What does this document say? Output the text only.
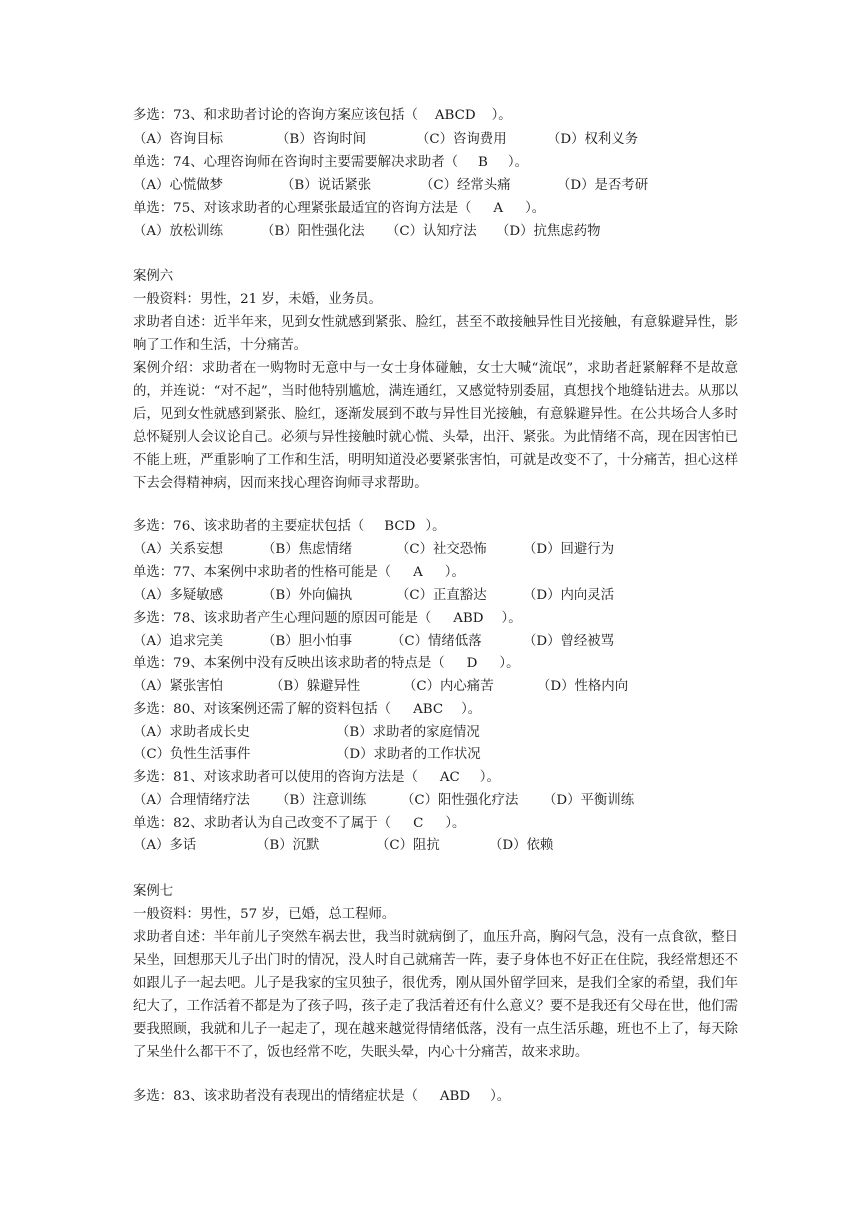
多选：73、和求助者讨论的咨询方案应该包括（ ABCD ）。
（A）咨询目标	（B）咨询时间	（C）咨询费用	（D）权利义务
单选：74、心理咨询师在咨询时主要需要解决求助者（ B ）。
（A）心慌做梦	（B）说话紧张	（C）经常头痛	（D）是否考研
单选：75、对该求助者的心理紧张最适宜的咨询方法是（ A ）。
（A）放松训练	（B）阳性强化法 （C）认知疗法 （D）抗焦虑药物
案例六
一般资料：男性，21 岁，未婚，业务员。
求助者自述：近半年来，见到女性就感到紧张、脸红，甚至不敢接触异性目光接触，有意躲避异性，影响了工作和生活，十分痛苦。
案例介绍：求助者在一购物时无意中与一女士身体碰触，女士大喊“流氓”，求助者赶紧解释不是故意的，并连说：“对不起”，当时他特别尴尬，满连通红，又感觉特别委屈，真想找个地缝钻进去。从那以后，见到女性就感到紧张、脸红，逐渐发展到不敢与异性目光接触，有意躲避异性。在公共场合人多时总怀疑别人会议论自己。必须与异性接触时就心慌、头晕，出汗、紧张。为此情绪不高，现在因害怕已不能上班，严重影响了工作和生活，明明知道没必要紧张害怕，可就是改变不了，十分痛苦，担心这样下去会得精神病，因而来找心理咨询师寻求帮助。
多选：76、该求助者的主要症状包括（ BCD ）。
（A）关系妄想	（B）焦虑情绪	（C）社交恐怖	（D）回避行为
单选：77、本案例中求助者的性格可能是（ A ）。
（A）多疑敏感	（B）外向偏执	（C）正直豁达	（D）内向灵活
多选：78、该求助者产生心理问题的原因可能是（ ABD ）。
（A）追求完美	（B）胆小怕事	（C）情绪低落	（D）曾经被骂
单选：79、本案例中没有反映出该求助者的特点是（ D ）。
（A）紧张害怕	（B）躲避异性	（C）内心痛苦	（D）性格内向
多选：80、对该案例还需了解的资料包括（ ABC ）。
（A）求助者成长史	（B）求助者的家庭情况
（C）负性生活事件	（D）求助者的工作状况
多选：81、对该求助者可以使用的咨询方法是（ AC ）。
（A）合理情绪疗法 （B）注意训练	（C）阳性强化疗法 （D）平衡训练
单选：82、求助者认为自己改变不了属于（ C ）。
（A）多话	（B）沉默	（C）阻抗	（D）依赖
案例七
一般资料：男性，57 岁，已婚，总工程师。
求助者自述：半年前儿子突然车祸去世，我当时就病倒了，血压升高，胸闷气急，没有一点食欲，整日呆坐，回想那天儿子出门时的情况，没人时自己就痛苦一阵，妻子身体也不好正在住院，我经常想还不如跟儿子一起去吧。儿子是我家的宝贝独子，很优秀，刚从国外留学回来，是我们全家的希望，我们年纪大了，工作活着不都是为了孩子吗，孩子走了我活着还有什么意义？要不是我还有父母在世，他们需要我照顾，我就和儿子一起走了，现在越来越觉得情绪低落，没有一点生活乐趣，班也不上了，每天除了呆坐什么都干不了，饭也经常不吃，失眠头晕，内心十分痛苦，故来求助。
多选：83、该求助者没有表现出的情绪症状是（ ABD ）。
